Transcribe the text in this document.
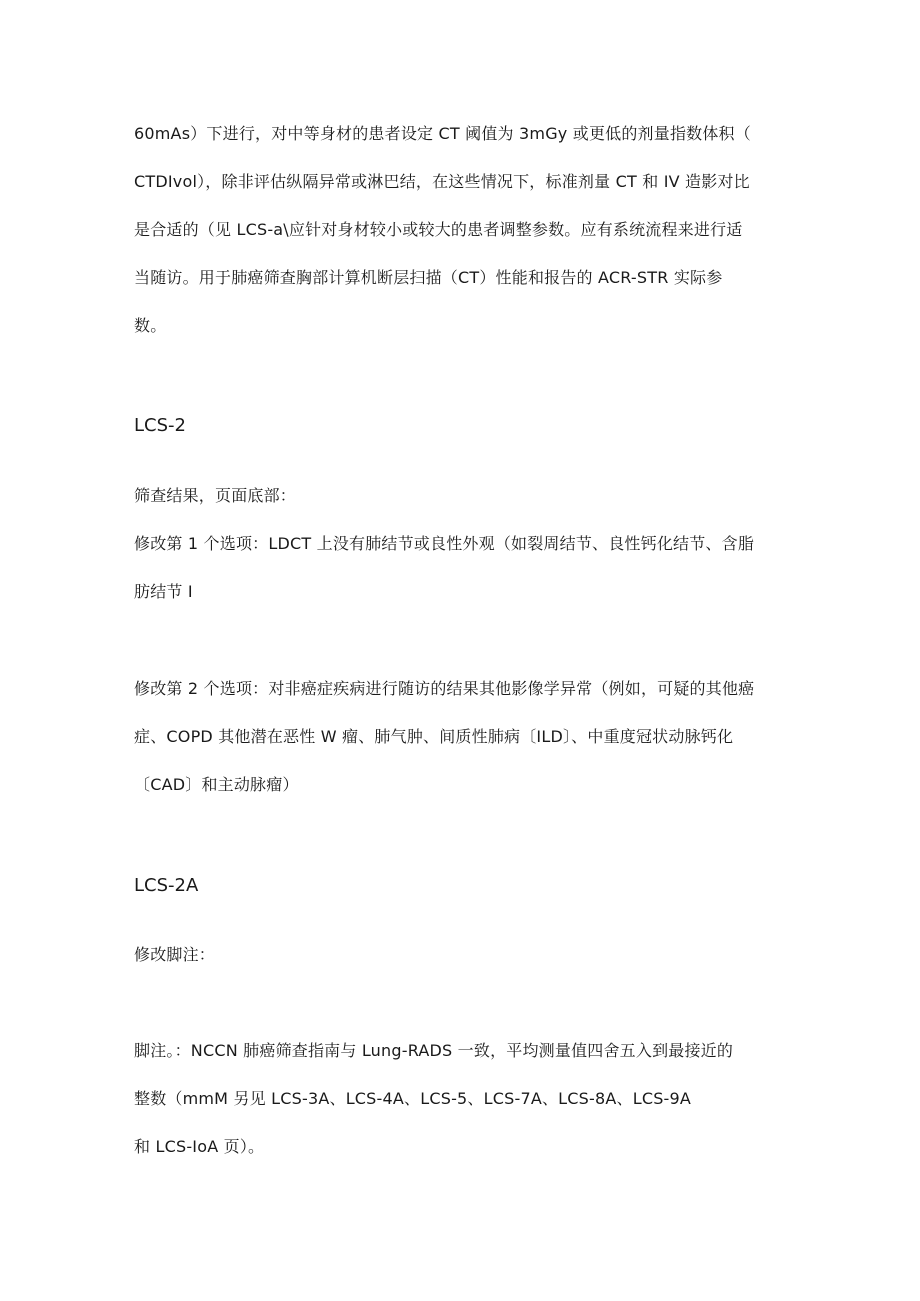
60mAs）下进行，对中等身材的患者设定 CT 阈值为 3mGy 或更低的剂量指数体积（
CTDIvol），除非评估纵隔异常或淋巴结，在这些情况下，标准剂量 CT 和 IV 造影对比
是合适的（见 LCS-a\应针对身材较小或较大的患者调整参数。应有系统流程来进行适
当随访。用于肺癌筛查胸部计算机断层扫描（CT）性能和报告的 ACR-STR 实际参
数。
LCS-2
筛查结果，页面底部：
修改第 1 个选项：LDCT 上没有肺结节或良性外观（如裂周结节、良性钙化结节、含脂
肪结节 I
修改第 2 个选项：对非癌症疾病进行随访的结果其他影像学异常（例如，可疑的其他癌
症、COPD 其他潜在恶性 W 瘤、肺气肿、间质性肺病〔ILD〕、中重度冠状动脉钙化
〔CAD〕和主动脉瘤）
LCS-2A
修改脚注：
脚注。：NCCN 肺癌筛查指南与 Lung-RADS 一致，平均测量值四舍五入到最接近的
整数（mmM 另见 LCS-3A、LCS-4A、LCS-5、LCS-7A、LCS-8A、LCS-9A
和 LCS-IoA 页）。
